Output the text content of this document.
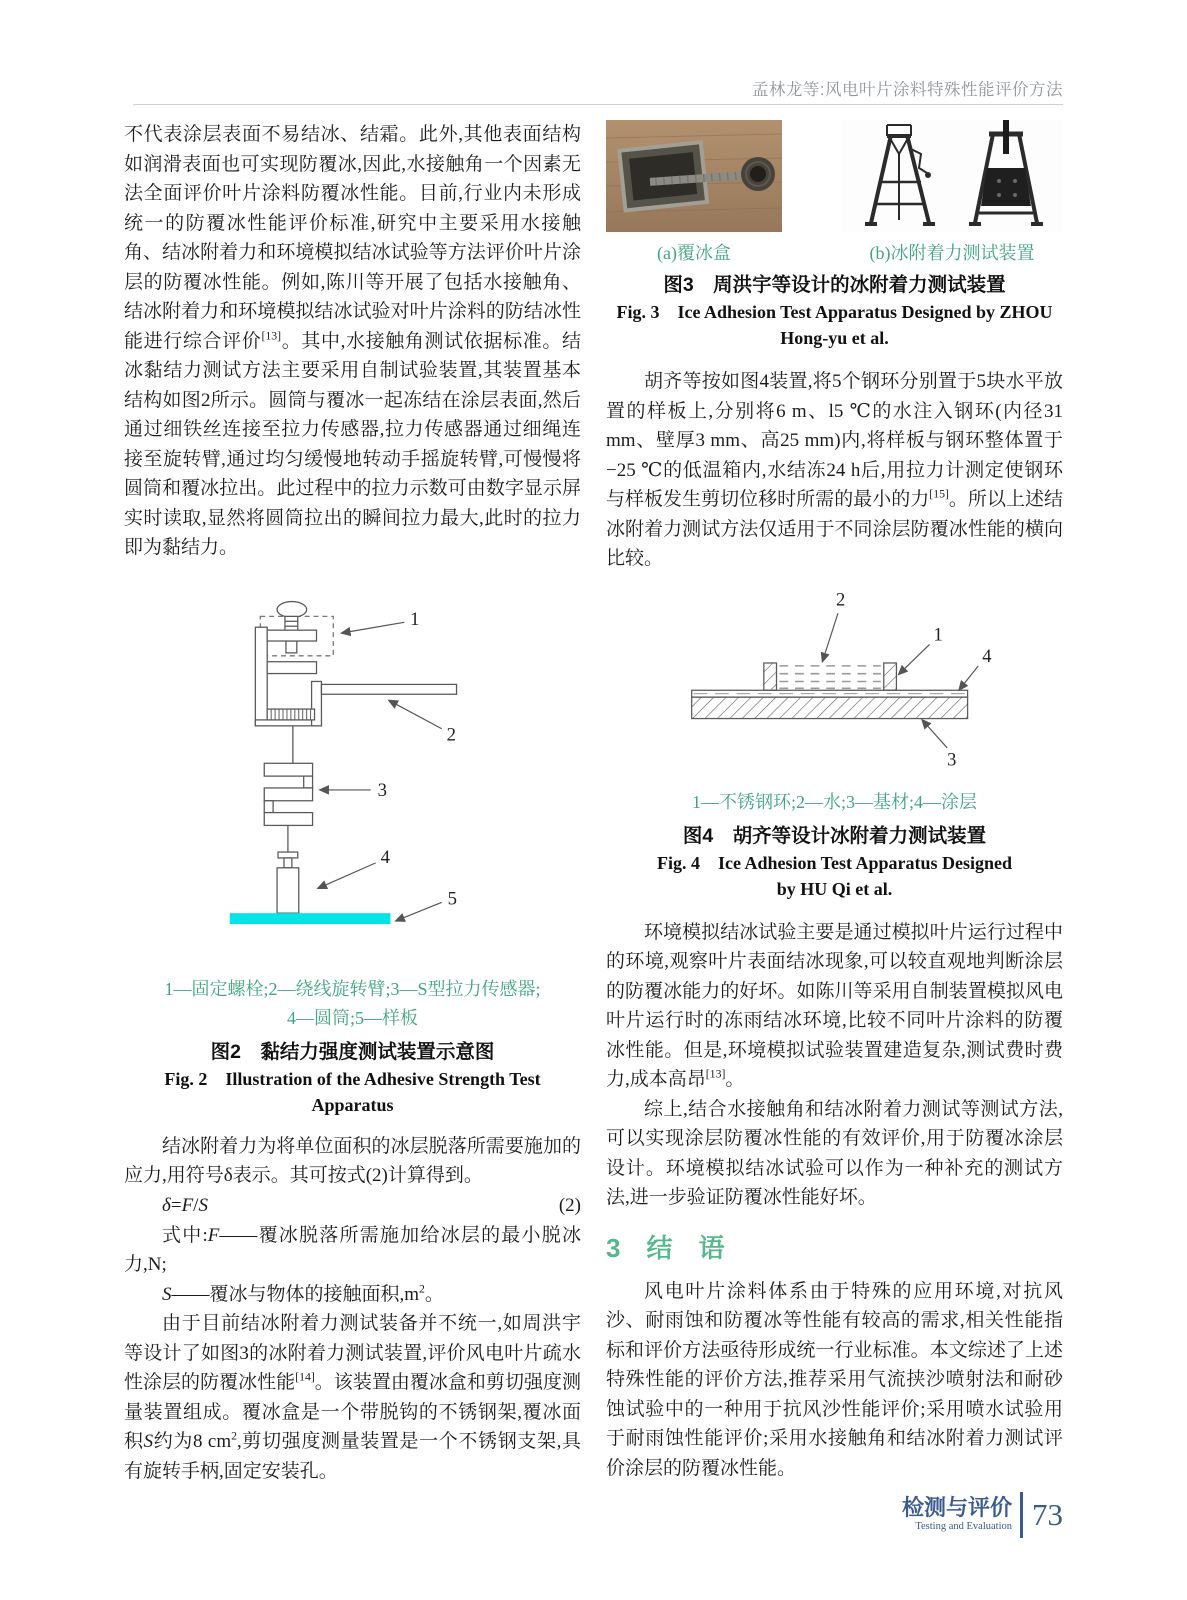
孟林龙等:风电叶片涂料特殊性能评价方法

不代表涂层表面不易结冰、结霜。此外,其他表面结构如润滑表面也可实现防覆冰,因此,水接触角一个因素无法全面评价叶片涂料防覆冰性能。目前,行业内未形成统一的防覆冰性能评价标准,研究中主要采用水接触角、结冰附着力和环境模拟结冰试验等方法评价叶片涂层的防覆冰性能。例如,陈川等开展了包括水接触角、结冰附着力和环境模拟结冰试验对叶片涂料的防结冰性能进行综合评价[13]。其中,水接触角测试依据标准。结冰黏结力测试方法主要采用自制试验装置,其装置基本结构如图2所示。圆筒与覆冰一起冻结在涂层表面,然后通过细铁丝连接至拉力传感器,拉力传感器通过细绳连接至旋转臂,通过均匀缓慢地转动手摇旋转臂,可慢慢将圆筒和覆冰拉出。此过程中的拉力示数可由数字显示屏实时读取,显然将圆筒拉出的瞬间拉力最大,此时的拉力即为黏结力。

1
2
3
4
5
1—固定螺栓;2—绕线旋转臂;3—S型拉力传感器;
4—圆筒;5—样板
图2　黏结力强度测试装置示意图
Fig. 2　Illustration of the Adhesive Strength Test Apparatus

结冰附着力为将单位面积的冰层脱落所需要施加的应力,用符号δ表示。其可按式(2)计算得到。

δ=F/S	(2)

式中:F——覆冰脱落所需施加给冰层的最小脱冰力,N;

S——覆冰与物体的接触面积$,m^2$。

由于目前结冰附着力测试装备并不统一,如周洪宇等设计了如图3的冰附着力测试装置,评价风电叶片疏水性涂层的防覆冰性能[14]。该装置由覆冰盒和剪切强度测量装置组成。覆冰盒是一个带脱钩的不锈钢架,覆冰面积S约为8 $cm^2$,剪切强度测量装置是一个不锈钢支架,具有旋转手柄,固定安装孔。

(a)覆冰盒	(b)冰附着力测试装置
图3　周洪宇等设计的冰附着力测试装置
Fig. 3　Ice Adhesion Test Apparatus Designed by ZHOU
Hong-yu et al.

胡齐等按如图4装置,将5个钢环分别置于5块水平放置的样板上,分别将6 m、l5 ℃的水注入钢环(内径31 mm、壁厚3 mm、高25 mm)内,将样板与钢环整体置于−25 ℃的低温箱内,水结冻24 h后,用拉力计测定使钢环与样板发生剪切位移时所需的最小的力[15]。所以上述结冰附着力测试方法仅适用于不同涂层防覆冰性能的横向比较。

2
1
4
3
1—不锈钢环;2—水;3—基材;4—涂层
图4　胡齐等设计冰附着力测试装置
Fig. 4　Ice Adhesion Test Apparatus Designed
by HU Qi et al.

环境模拟结冰试验主要是通过模拟叶片运行过程中的环境,观察叶片表面结冰现象,可以较直观地判断涂层的防覆冰能力的好坏。如陈川等采用自制装置模拟风电叶片运行时的冻雨结冰环境,比较不同叶片涂料的防覆冰性能。但是,环境模拟试验装置建造复杂,测试费时费力,成本高昂[13]。

综上,结合水接触角和结冰附着力测试等测试方法,可以实现涂层防覆冰性能的有效评价,用于防覆冰涂层设计。环境模拟结冰试验可以作为一种补充的测试方法,进一步验证防覆冰性能好坏。

3 结　语

风电叶片涂料体系由于特殊的应用环境,对抗风沙、耐雨蚀和防覆冰等性能有较高的需求,相关性能指标和评价方法亟待形成统一行业标准。本文综述了上述特殊性能的评价方法,推荐采用气流挟沙喷射法和耐砂蚀试验中的一种用于抗风沙性能评价;采用喷水试验用于耐雨蚀性能评价;采用水接触角和结冰附着力测试评价涂层的防覆冰性能。

检测与评价
Testing and Evaluation 73
